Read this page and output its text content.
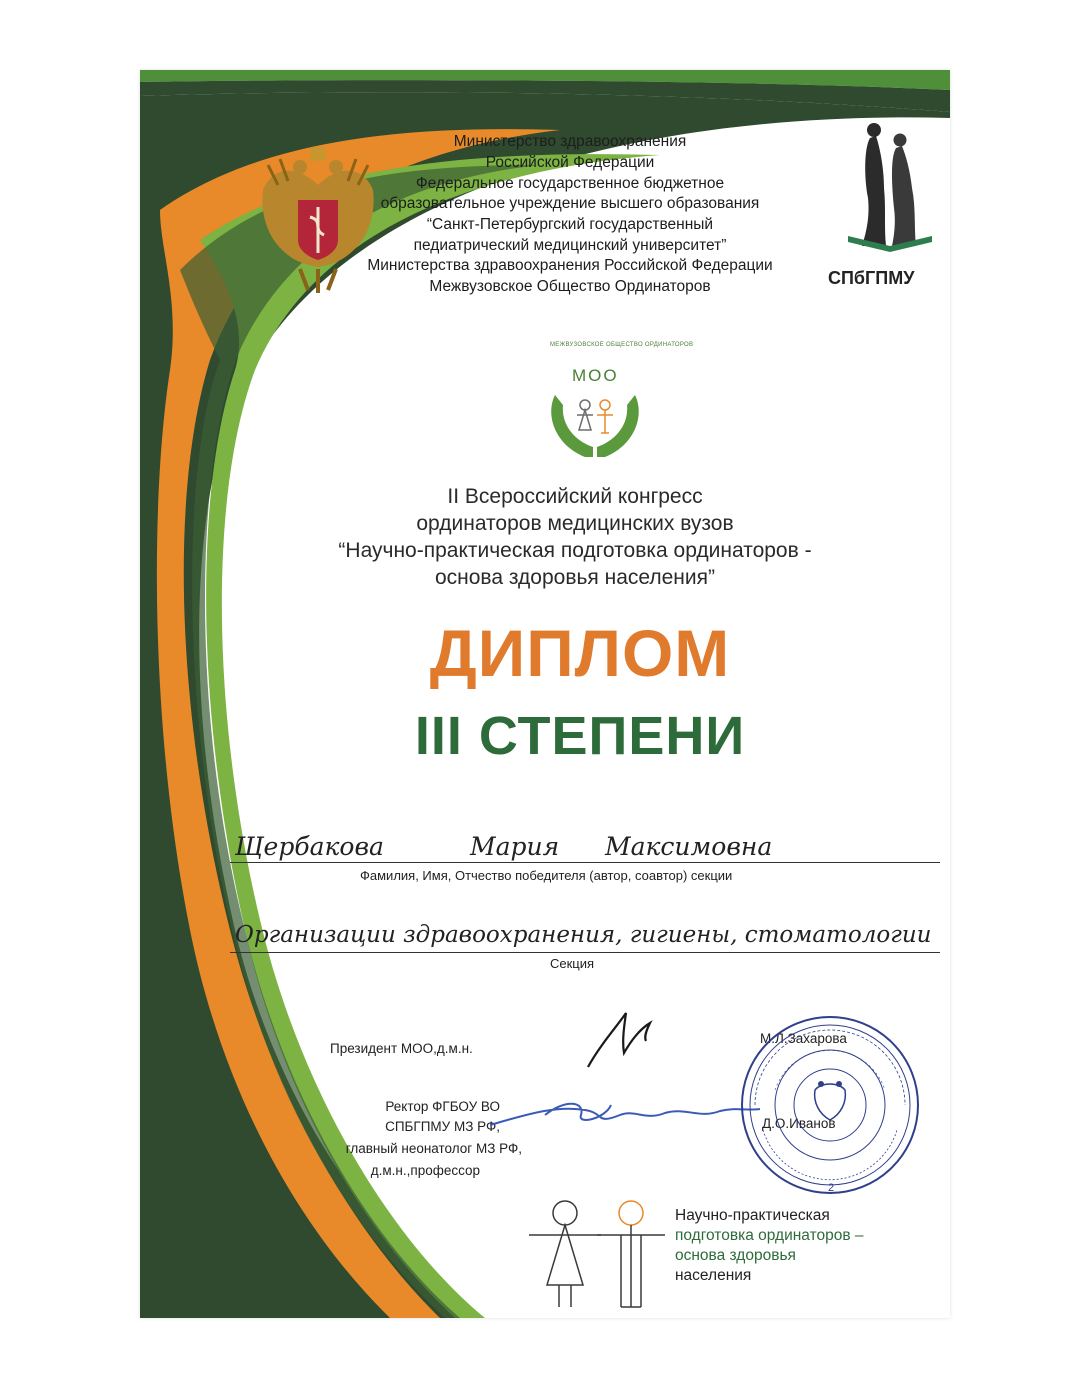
СПбГПМУ
Министерство здравоохранения
Российской Федерации
Федеральное государственное бюджетное
образовательное учреждение высшего образования
“Санкт-Петербургский государственный
педиатрический медицинский университет”
Министерства здравоохранения Российской Федерации
Межвузовское Общество Ординаторов
МОО
МЕЖВУЗОВСКОЕ ОБЩЕСТВО ОРДИНАТОРОВ
II Всероссийский конгресс
ординаторов медицинских вузов
“Научно-практическая подготовка ординаторов -
основа здоровья населения”
ДИПЛОМ
III СТЕПЕНИ
Щербакова	Мария Максимовна
Фамилия, Имя, Отчество победителя (автор, соавтор) секции
Организации здравоохранения, гигиены, стоматологии
Секция
Президент МОО,д.м.н.
М.Л.Захарова
Ректор ФГБОУ ВО
СПБГПМУ МЗ РФ,
главный неонатолог МЗ РФ,
д.м.н.,профессор
Д.О.Иванов
2
Научно-практическая
подготовка ординаторов –
основа здоровья
населения
